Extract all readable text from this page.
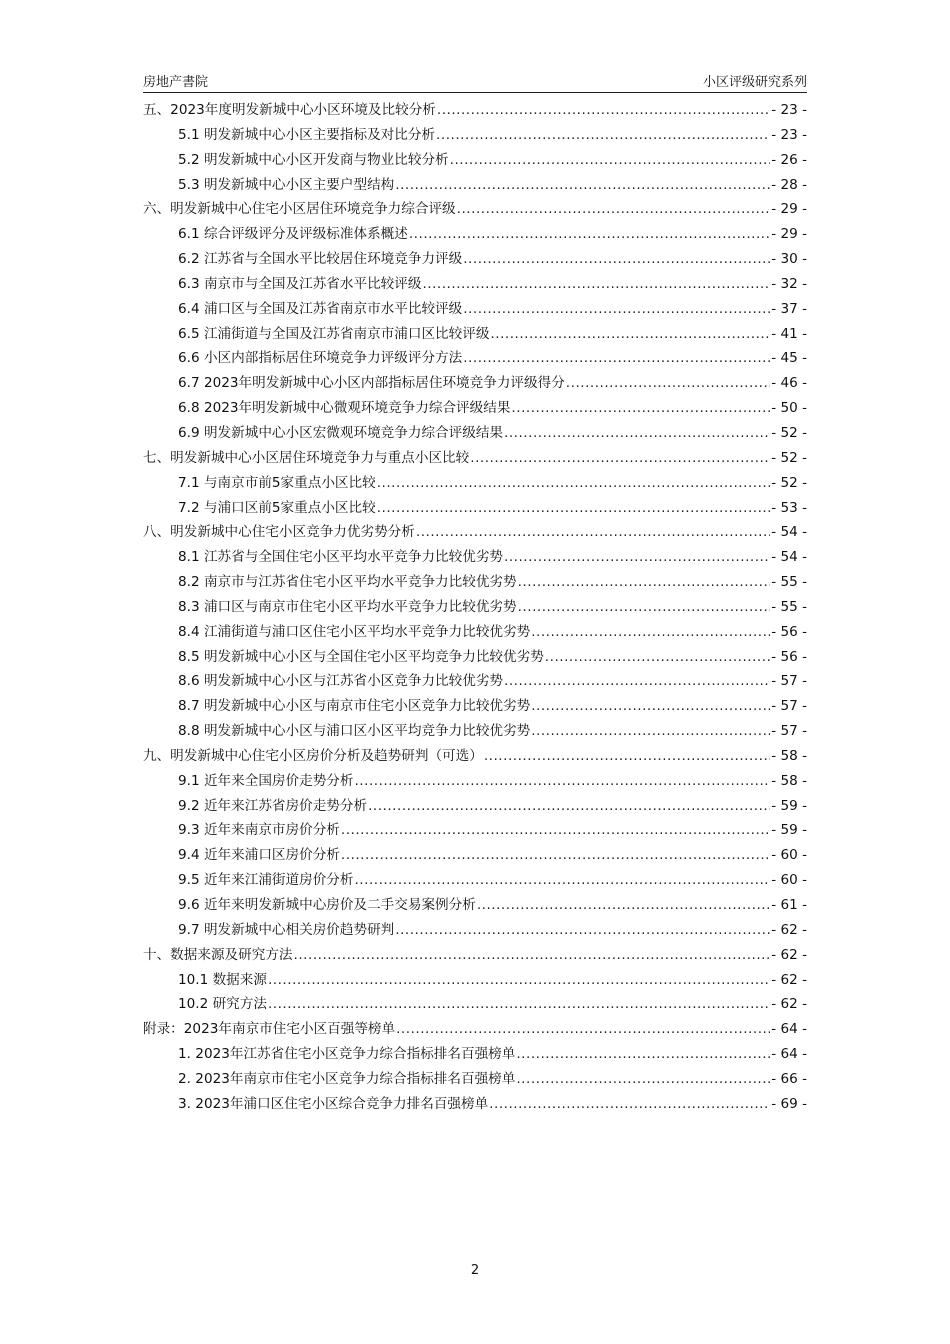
房地产書院	小区评级研究系列
五、2023年度明发新城中心小区环境及比较分析 .....	- 23 -
5.1 明发新城中心小区主要指标及对比分析 .....	- 23 -
5.2 明发新城中心小区开发商与物业比较分析 .....	- 26 -
5.3 明发新城中心小区主要户型结构 .....	- 28 -
六、明发新城中心住宅小区居住环境竞争力综合评级 .....	- 29 -
6.1 综合评级评分及评级标准体系概述 .....	- 29 -
6.2 江苏省与全国水平比较居住环境竞争力评级 .....	- 30 -
6.3 南京市与全国及江苏省水平比较评级 .....	- 32 -
6.4 浦口区与全国及江苏省南京市水平比较评级 .....	- 37 -
6.5 江浦街道与全国及江苏省南京市浦口区比较评级 .....	- 41 -
6.6 小区内部指标居住环境竞争力评级评分方法 .....	- 45 -
6.7 2023年明发新城中心小区内部指标居住环境竞争力评级得分 .....	- 46 -
6.8 2023年明发新城中心微观环境竞争力综合评级结果 .....	- 50 -
6.9 明发新城中心小区宏微观环境竞争力综合评级结果 .....	- 52 -
七、明发新城中心小区居住环境竞争力与重点小区比较 .....	- 52 -
7.1 与南京市前5家重点小区比较 .....	- 52 -
7.2 与浦口区前5家重点小区比较 .....	- 53 -
八、明发新城中心住宅小区竞争力优劣势分析 .....	- 54 -
8.1 江苏省与全国住宅小区平均水平竞争力比较优劣势 .....	- 54 -
8.2 南京市与江苏省住宅小区平均水平竞争力比较优劣势 .....	- 55 -
8.3 浦口区与南京市住宅小区平均水平竞争力比较优劣势 .....	- 55 -
8.4 江浦街道与浦口区住宅小区平均水平竞争力比较优劣势 .....	- 56 -
8.5 明发新城中心小区与全国住宅小区平均竞争力比较优劣势 .....	- 56 -
8.6 明发新城中心小区与江苏省小区竞争力比较优劣势 .....	- 57 -
8.7 明发新城中心小区与南京市住宅小区竞争力比较优劣势 .....	- 57 -
8.8 明发新城中心小区与浦口区小区平均竞争力比较优劣势 .....	- 57 -
九、明发新城中心住宅小区房价分析及趋势研判（可选） .....	- 58 -
9.1 近年来全国房价走势分析 .....	- 58 -
9.2 近年来江苏省房价走势分析 .....	- 59 -
9.3 近年来南京市房价分析 .....	- 59 -
9.4 近年来浦口区房价分析 .....	- 60 -
9.5 近年来江浦街道房价分析 .....	- 60 -
9.6 近年来明发新城中心房价及二手交易案例分析 .....	- 61 -
9.7 明发新城中心相关房价趋势研判 .....	- 62 -
十、数据来源及研究方法 .....	- 62 -
10.1 数据来源 .....	- 62 -
10.2 研究方法 .....	- 62 -
附录：2023年南京市住宅小区百强等榜单 .....	- 64 -
1. 2023年江苏省住宅小区竞争力综合指标排名百强榜单 .....	- 64 -
2. 2023年南京市住宅小区竞争力综合指标排名百强榜单 .....	- 66 -
3. 2023年浦口区住宅小区综合竞争力排名百强榜单 .....	- 69 -
2
